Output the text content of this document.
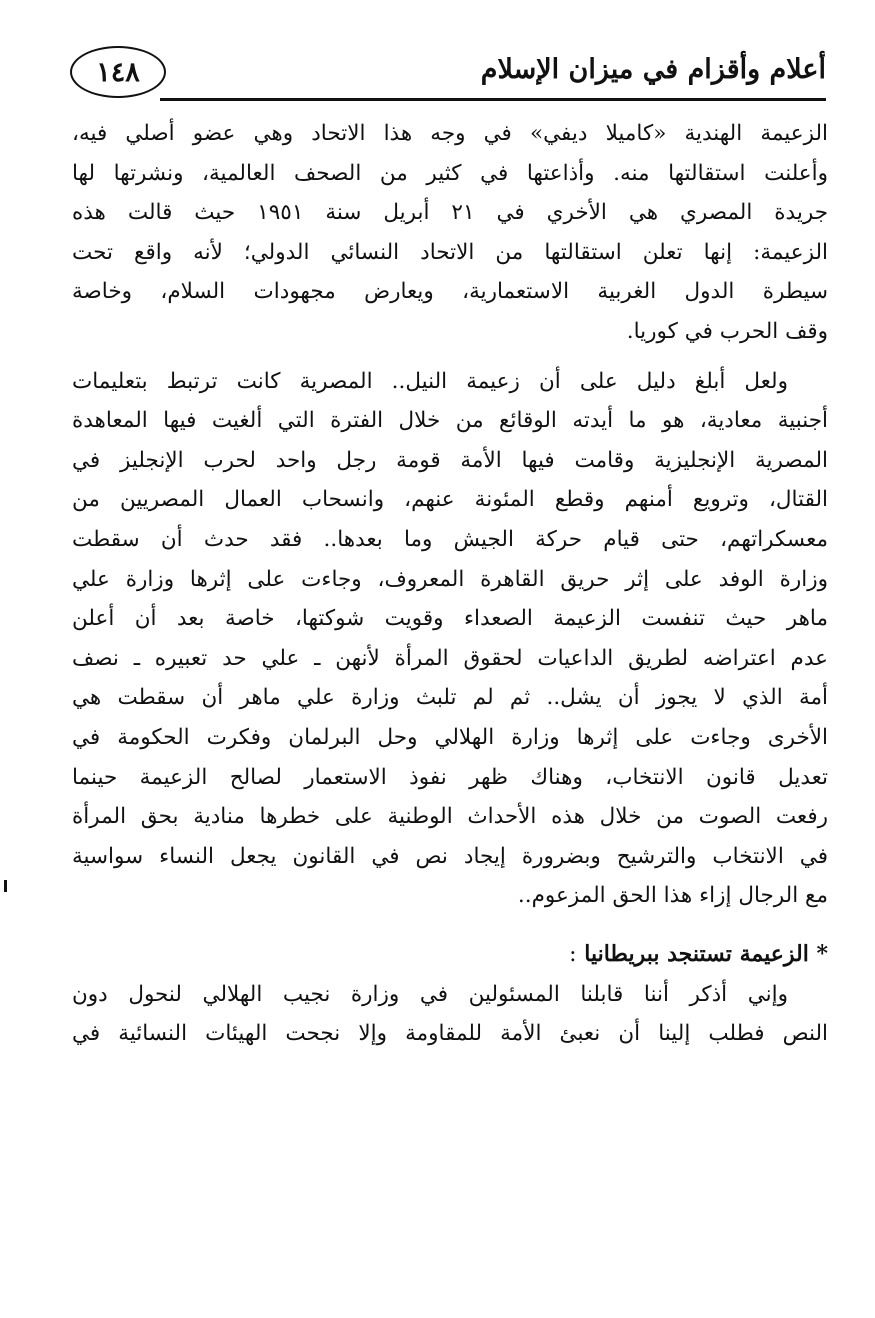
١٤٨	أعلام وأقزام في ميزان الإسلام

الزعيمة الهندية «كاميلا ديفي» في وجه هذا الاتحاد وهي عضو أصلي فيه،
وأعلنت استقالتها منه. وأذاعتها في كثير من الصحف العالمية، ونشرتها لها
جريدة المصري هي الأخري في ٢١ أبريل سنة ١٩٥١ حيث قالت هذه
الزعيمة: إنها تعلن استقالتها من الاتحاد النسائي الدولي؛ لأنه واقع تحت
سيطرة الدول الغربية الاستعمارية، ويعارض مجهودات السلام، وخاصة
وقف الحرب في كوريا.

ولعل أبلغ دليل على أن زعيمة النيل.. المصرية كانت ترتبط بتعليمات
أجنبية معادية، هو ما أيدته الوقائع من خلال الفترة التي ألغيت فيها المعاهدة
المصرية الإنجليزية وقامت فيها الأمة قومة رجل واحد لحرب الإنجليز في
القتال، وترويع أمنهم وقطع المئونة عنهم، وانسحاب العمال المصريين من
معسكراتهم، حتى قيام حركة الجيش وما بعدها.. فقد حدث أن سقطت
وزارة الوفد على إثر حريق القاهرة المعروف، وجاءت على إثرها وزارة علي
ماهر حيث تنفست الزعيمة الصعداء وقويت شوكتها، خاصة بعد أن أعلن
عدم اعتراضه لطريق الداعيات لحقوق المرأة لأنهن ـ علي حد تعبيره ـ نصف
أمة الذي لا يجوز أن يشل.. ثم لم تلبث وزارة علي ماهر أن سقطت هي
الأخرى وجاءت على إثرها وزارة الهلالي وحل البرلمان وفكرت الحكومة في
تعديل قانون الانتخاب، وهناك ظهر نفوذ الاستعمار لصالح الزعيمة حينما
رفعت الصوت من خلال هذه الأحداث الوطنية على خطرها منادية بحق المرأة
في الانتخاب والترشيح وبضرورة إيجاد نص في القانون يجعل النساء سواسية
مع الرجال إزاء هذا الحق المزعوم..

* الزعيمة تستنجد ببريطانيا :

وإني أذكر أننا قابلنا المسئولين في وزارة نجيب الهلالي لنحول دون
النص فطلب إلينا أن نعبئ الأمة للمقاومة وإلا نجحت الهيئات النسائية في
